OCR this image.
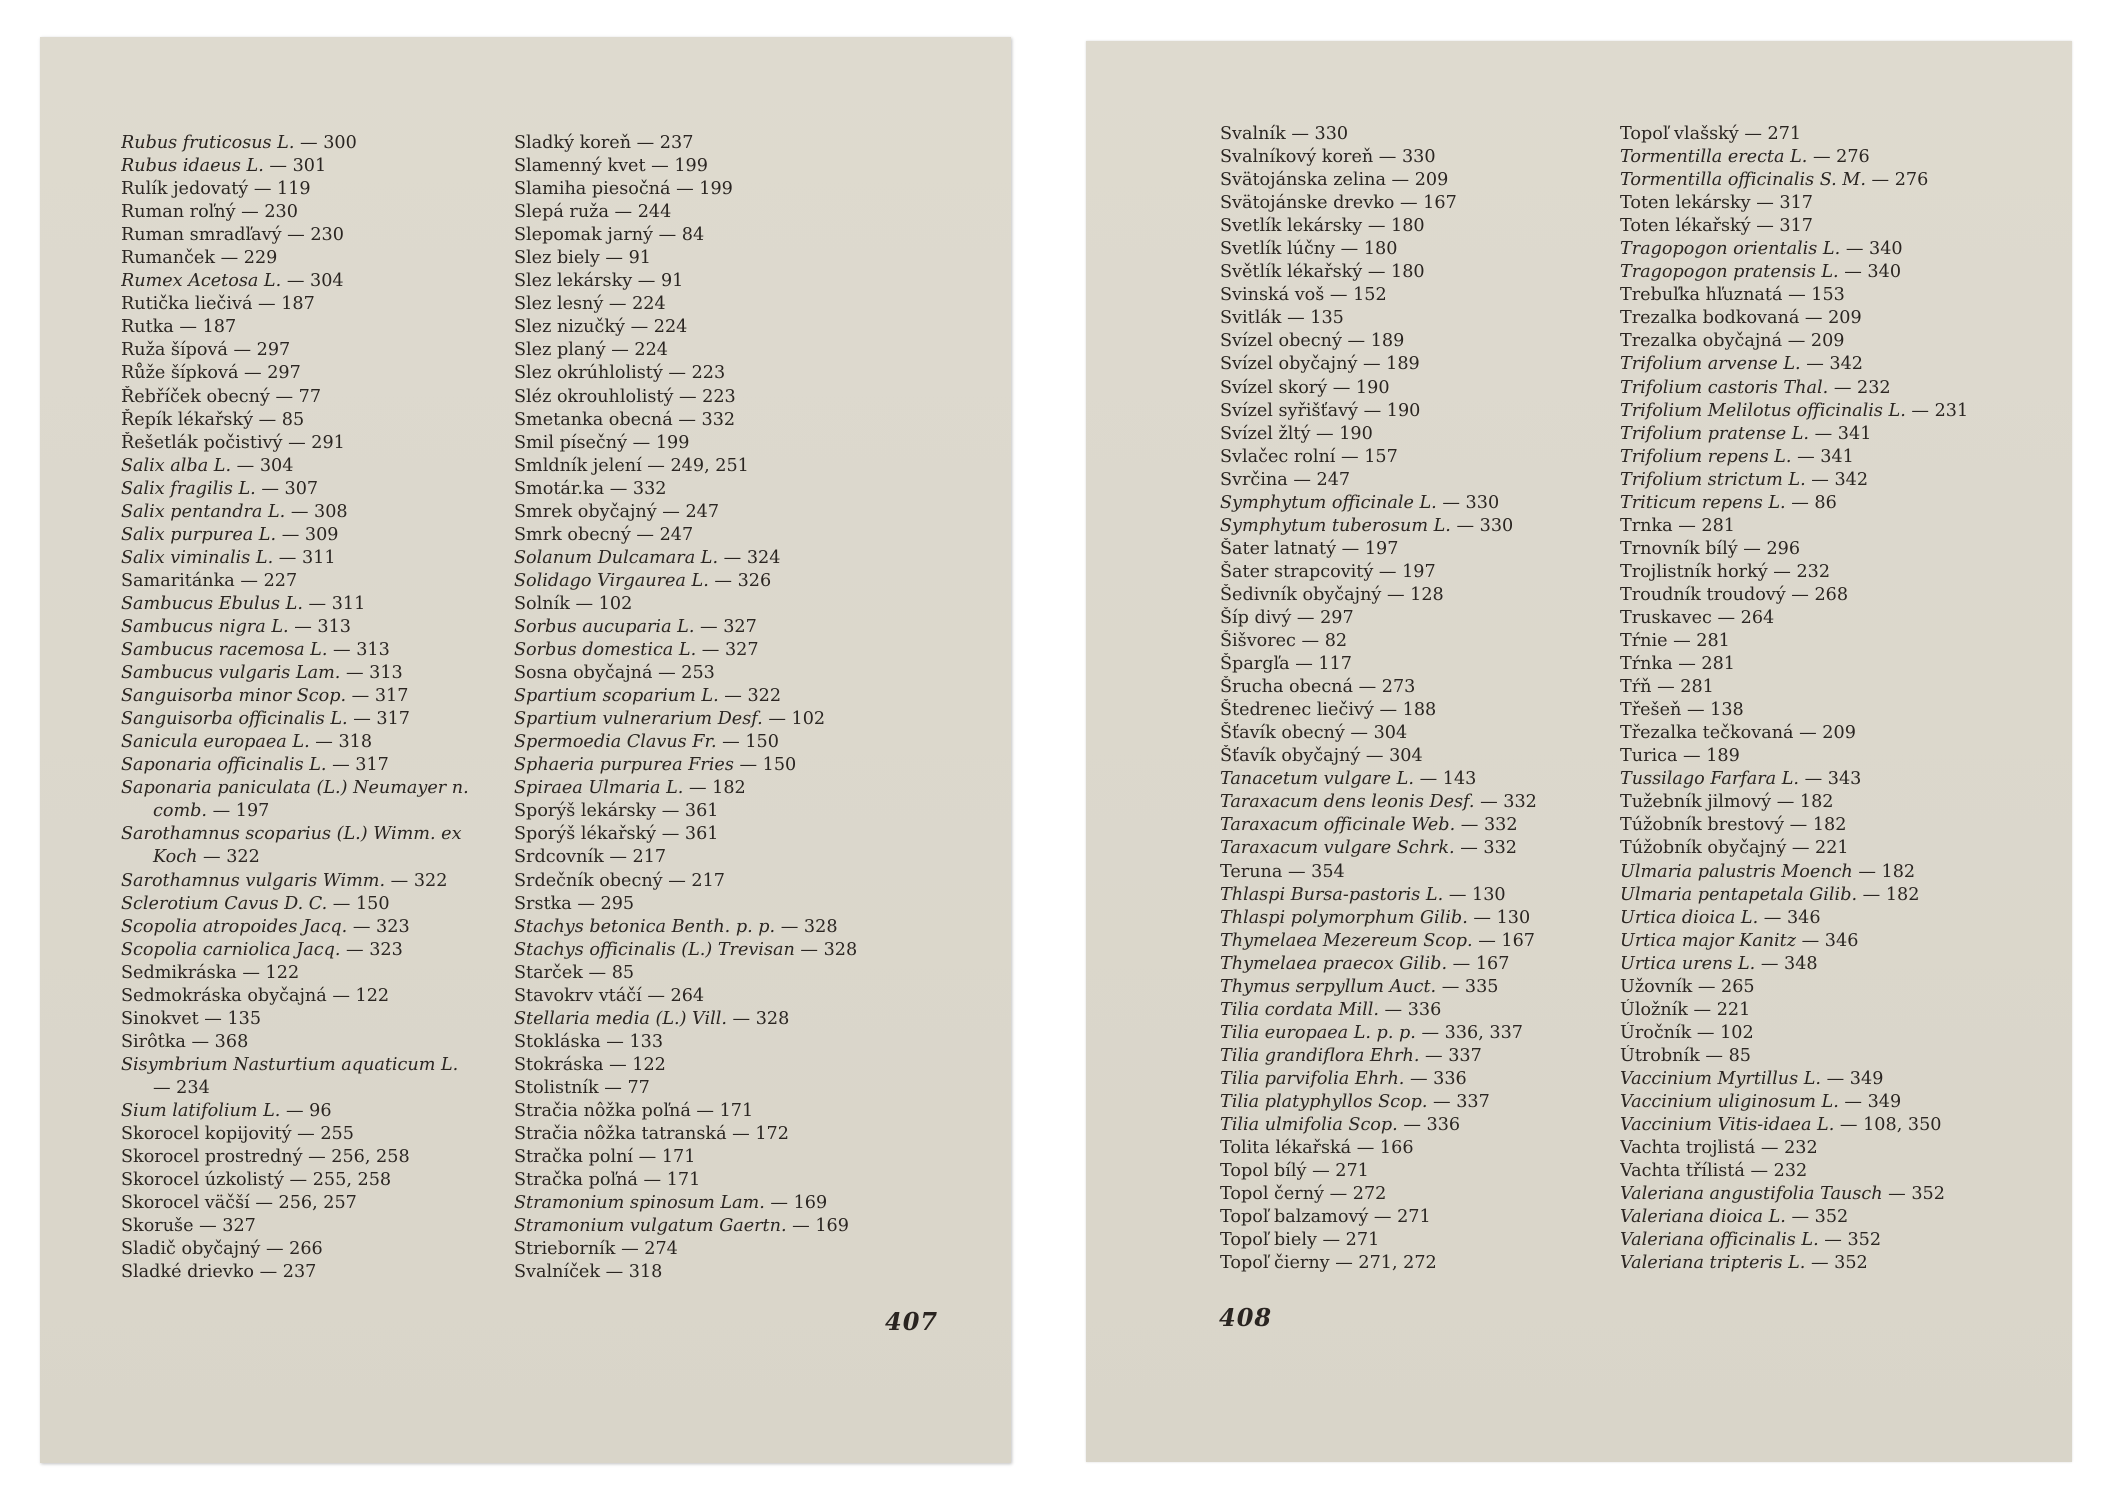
Rubus fruticosus L. — 300
Rubus idaeus L. — 301
Rulík jedovatý — 119
Ruman roľný — 230
Ruman smradľavý — 230
Rumanček — 229
Rumex Acetosa L. — 304
Rutička liečivá — 187
Rutka — 187
Ruža šípová — 297
Růže šípková — 297
Řebříček obecný — 77
Řepík lékařský — 85
Řešetlák počistivý — 291
Salix alba L. — 304
Salix fragilis L. — 307
Salix pentandra L. — 308
Salix purpurea L. — 309
Salix viminalis L. — 311
Samaritánka — 227
Sambucus Ebulus L. — 311
Sambucus nigra L. — 313
Sambucus racemosa L. — 313
Sambucus vulgaris Lam. — 313
Sanguisorba minor Scop. — 317
Sanguisorba officinalis L. — 317
Sanicula europaea L. — 318
Saponaria officinalis L. — 317
Saponaria paniculata (L.) Neumayer n.
comb. — 197
Sarothamnus scoparius (L.) Wimm. ex
Koch — 322
Sarothamnus vulgaris Wimm. — 322
Sclerotium Cavus D. C. — 150
Scopolia atropoides Jacq. — 323
Scopolia carniolica Jacq. — 323
Sedmikráska — 122
Sedmokráska obyčajná — 122
Sinokvet — 135
Sirôtka — 368
Sisymbrium Nasturtium aquaticum L.
— 234
Sium latifolium L. — 96
Skorocel kopijovitý — 255
Skorocel prostredný — 256, 258
Skorocel úzkolistý — 255, 258
Skorocel väčší — 256, 257
Skoruše — 327
Sladič obyčajný — 266
Sladké drievko — 237
Sladký koreň — 237
Slamenný kvet — 199
Slamiha piesočná — 199
Slepá ruža — 244
Slepomak jarný — 84
Slez biely — 91
Slez lekársky — 91
Slez lesný — 224
Slez nizučký — 224
Slez planý — 224
Slez okrúhlolistý — 223
Sléz okrouhlolistý — 223
Smetanka obecná — 332
Smil písečný — 199
Smldník jelení — 249, 251
Smotár.ka — 332
Smrek obyčajný — 247
Smrk obecný — 247
Solanum Dulcamara L. — 324
Solidago Virgaurea L. — 326
Solník — 102
Sorbus aucuparia L. — 327
Sorbus domestica L. — 327
Sosna obyčajná — 253
Spartium scoparium L. — 322
Spartium vulnerarium Desf. — 102
Spermoedia Clavus Fr. — 150
Sphaeria purpurea Fries — 150
Spiraea Ulmaria L. — 182
Sporýš lekársky — 361
Sporýš lékařský — 361
Srdcovník — 217
Srdečník obecný — 217
Srstka — 295
Stachys betonica Benth. p. p. — 328
Stachys officinalis (L.) Trevisan — 328
Starček — 85
Stavokrv vtáčí — 264
Stellaria media (L.) Vill. — 328
Stokláska — 133
Stokráska — 122
Stolistník — 77
Stračia nôžka poľná — 171
Stračia nôžka tatranská — 172
Stračka polní — 171
Stračka poľná — 171
Stramonium spinosum Lam. — 169
Stramonium vulgatum Gaertn. — 169
Strieborník — 274
Svalníček — 318
407
Svalník — 330
Svalníkový koreň — 330
Svätojánska zelina — 209
Svätojánske drevko — 167
Svetlík lekársky — 180
Svetlík lúčny — 180
Světlík lékařský — 180
Svinská voš — 152
Svitlák — 135
Svízel obecný — 189
Svízel obyčajný — 189
Svízel skorý — 190
Svízel syřišťavý — 190
Svízel žltý — 190
Svlačec rolní — 157
Svrčina — 247
Symphytum officinale L. — 330
Symphytum tuberosum L. — 330
Šater latnatý — 197
Šater strapcovitý — 197
Šedivník obyčajný — 128
Šíp divý — 297
Šišvorec — 82
Špargľa — 117
Šrucha obecná — 273
Štedrenec liečivý — 188
Šťavík obecný — 304
Šťavík obyčajný — 304
Tanacetum vulgare L. — 143
Taraxacum dens leonis Desf. — 332
Taraxacum officinale Web. — 332
Taraxacum vulgare Schrk. — 332
Teruna — 354
Thlaspi Bursa-pastoris L. — 130
Thlaspi polymorphum Gilib. — 130
Thymelaea Mezereum Scop. — 167
Thymelaea praecox Gilib. — 167
Thymus serpyllum Auct. — 335
Tilia cordata Mill. — 336
Tilia europaea L. p. p. — 336, 337
Tilia grandiflora Ehrh. — 337
Tilia parvifolia Ehrh. — 336
Tilia platyphyllos Scop. — 337
Tilia ulmifolia Scop. — 336
Tolita lékařská — 166
Topol bílý — 271
Topol černý — 272
Topoľ balzamový — 271
Topoľ biely — 271
Topoľ čierny — 271, 272
Topoľ vlašský — 271
Tormentilla erecta L. — 276
Tormentilla officinalis S. M. — 276
Toten lekársky — 317
Toten lékařský — 317
Tragopogon orientalis L. — 340
Tragopogon pratensis L. — 340
Trebuľka hľuznatá — 153
Trezalka bodkovaná — 209
Trezalka obyčajná — 209
Trifolium arvense L. — 342
Trifolium castoris Thal. — 232
Trifolium Melilotus officinalis L. — 231
Trifolium pratense L. — 341
Trifolium repens L. — 341
Trifolium strictum L. — 342
Triticum repens L. — 86
Trnka — 281
Trnovník bílý — 296
Trojlistník horký — 232
Troudník troudový — 268
Truskavec — 264
Tŕnie — 281
Tŕnka — 281
Tŕň — 281
Třešeň — 138
Třezalka tečkovaná — 209
Turica — 189
Tussilago Farfara L. — 343
Tužebník jilmový — 182
Túžobník brestový — 182
Túžobník obyčajný — 221
Ulmaria palustris Moench — 182
Ulmaria pentapetala Gilib. — 182
Urtica dioica L. — 346
Urtica major Kanitz — 346
Urtica urens L. — 348
Užovník — 265
Úložník — 221
Úročník — 102
Útrobník — 85
Vaccinium Myrtillus L. — 349
Vaccinium uliginosum L. — 349
Vaccinium Vitis-idaea L. — 108, 350
Vachta trojlistá — 232
Vachta třílistá — 232
Valeriana angustifolia Tausch — 352
Valeriana dioica L. — 352
Valeriana officinalis L. — 352
Valeriana tripteris L. — 352
408
